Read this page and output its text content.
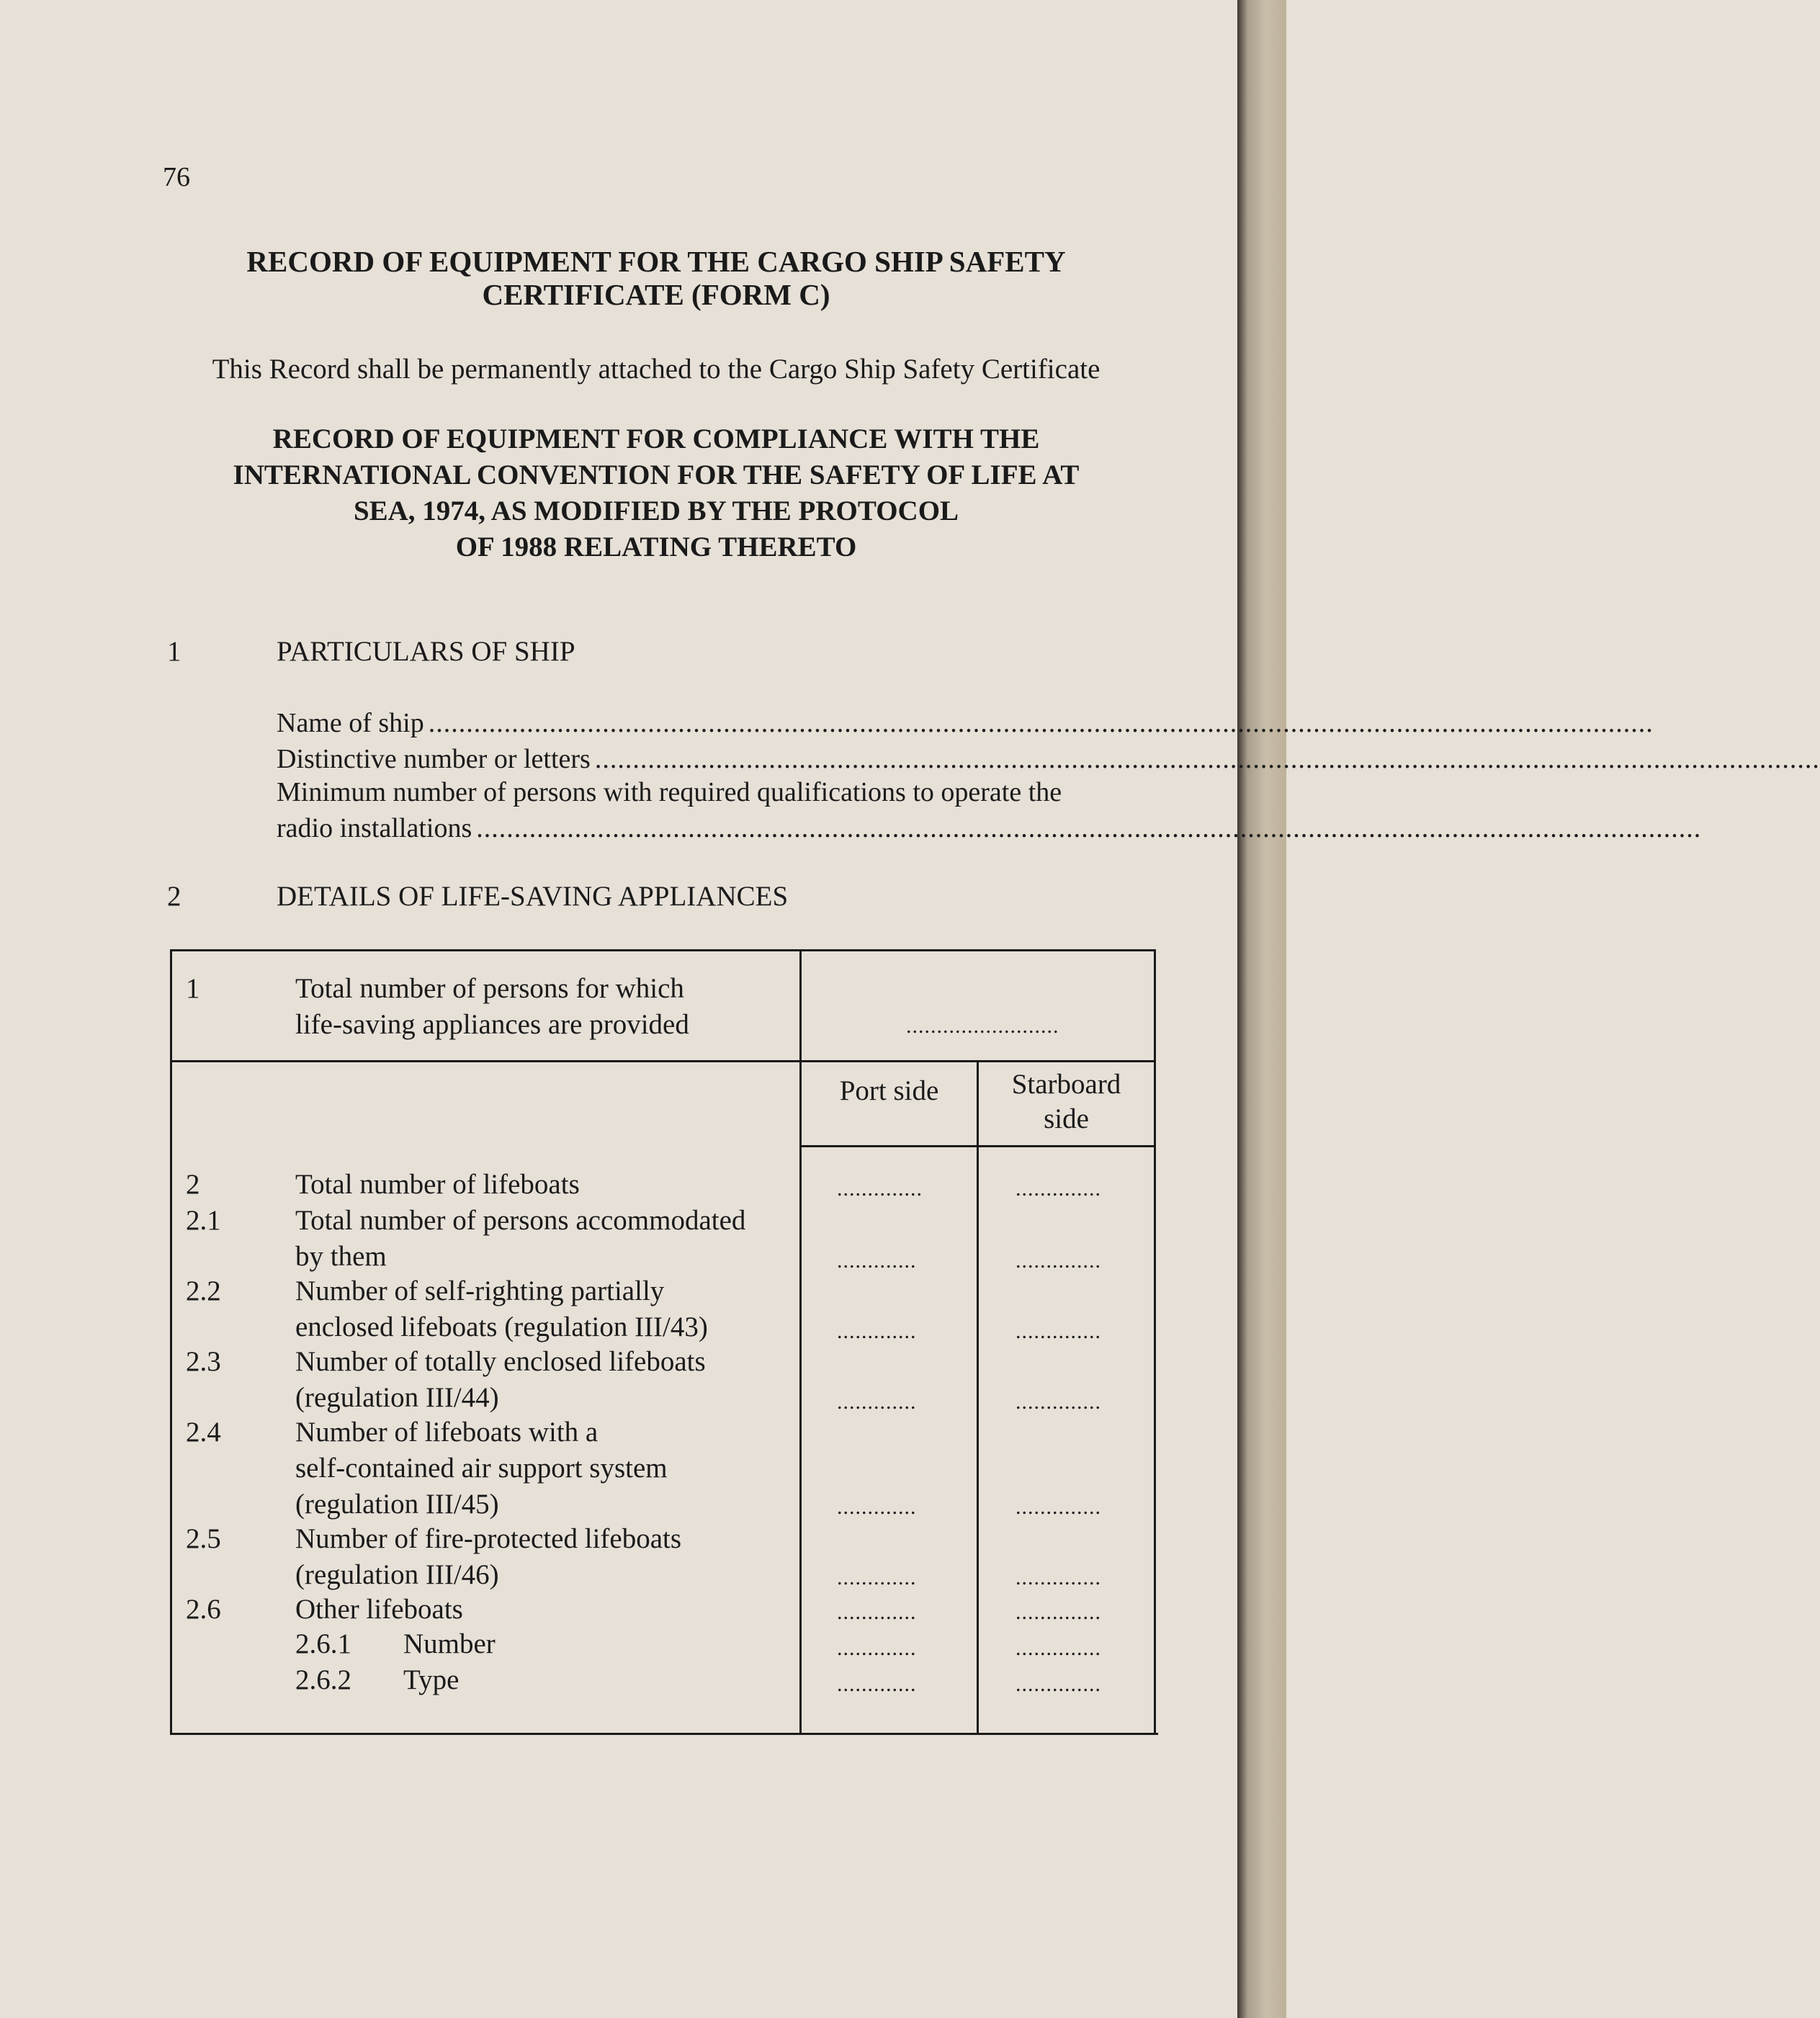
76
RECORD OF EQUIPMENT FOR THE CARGO SHIP SAFETY
CERTIFICATE (FORM C)
This Record shall be permanently attached to the Cargo Ship Safety Certificate
RECORD OF EQUIPMENT FOR COMPLIANCE WITH THE
INTERNATIONAL CONVENTION FOR THE SAFETY OF LIFE AT
SEA, 1974, AS MODIFIED BY THE PROTOCOL
OF 1988 RELATING THERETO
1	PARTICULARS OF SHIP
Name of ship ..................................................................................................................................................................
Distinctive number or letters ..................................................................................................................................................................
Minimum number of persons with required qualifications to operate the
radio installations ..................................................................................................................................................................
2	DETAILS OF LIFE-SAVING APPLIANCES
1	Total number of persons for which
life-saving appliances are provided	.........................
Port side	Starboard
side
2	Total number of lifeboats	..............	..............
2.1	Total number of persons accommodated
by them	.............	..............
2.2	Number of self-righting partially
enclosed lifeboats (regulation III/43)	.............	..............
2.3	Number of totally enclosed lifeboats
(regulation III/44)	.............	..............
2.4	Number of lifeboats with a
self-contained air support system
(regulation III/45)	.............	..............
2.5	Number of fire-protected lifeboats
(regulation III/46)	.............	..............
2.6	Other lifeboats	.............	..............
2.6.1 Number	.............	..............
2.6.2 Type	.............	..............
